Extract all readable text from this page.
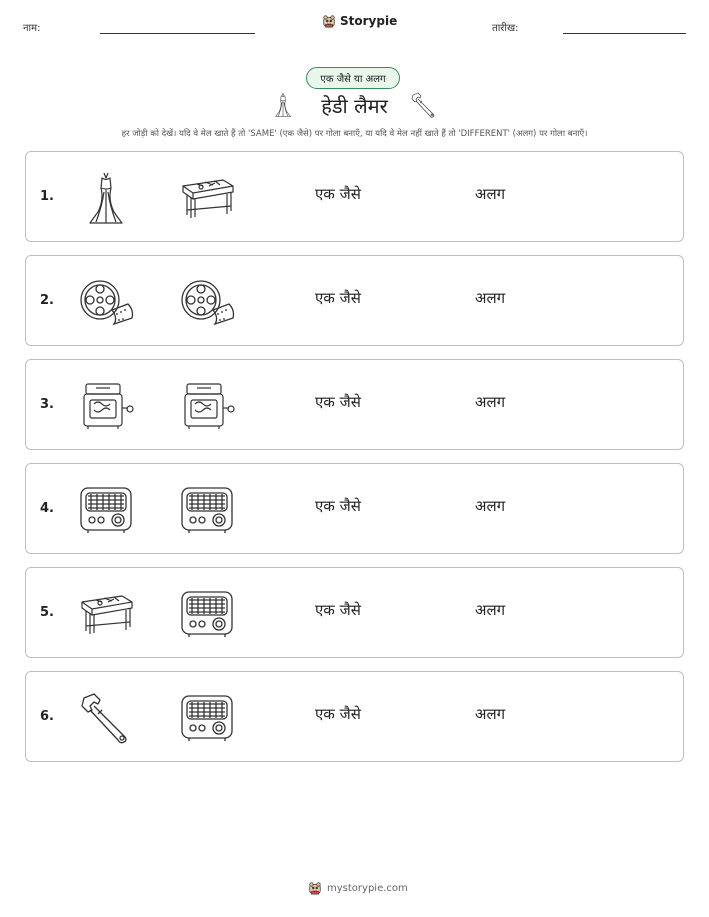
नाम:
Storypie
तारीख:
एक जैसे या अलग
हेडी लैमर
हर जोड़ी को देखें। यदि वे मेल खाते हैं तो 'SAME' (एक जैसे) पर गोला बनाएँ, या यदि वे मेल नहीं खाते हैं तो 'DIFFERENT' (अलग) पर गोला बनाएँ।
1.	एक जैसे	अलग
2.	एक जैसे	अलग
3.	एक जैसे	अलग
4.	एक जैसे	अलग
5.	एक जैसे	अलग
6.	एक जैसे	अलग
mystorypie.com
